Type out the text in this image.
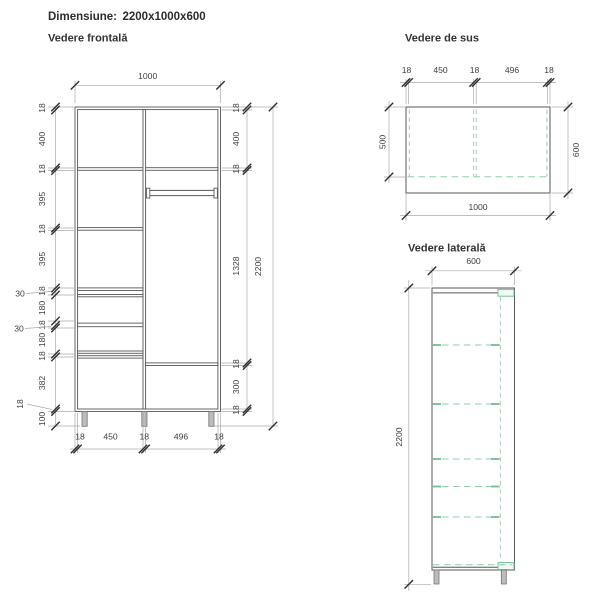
Dimensiune: 2200x1000x600
Vedere frontală
1000
18
400
18
395
18
395
18
180
18
180
18
382
100
30
30
18
18
400
18
1328
18
300
18
2200
18 450	18	496	18
Vedere de sus
18	450	18	496	18
500
600
1000
Vedere laterală
600
2200
